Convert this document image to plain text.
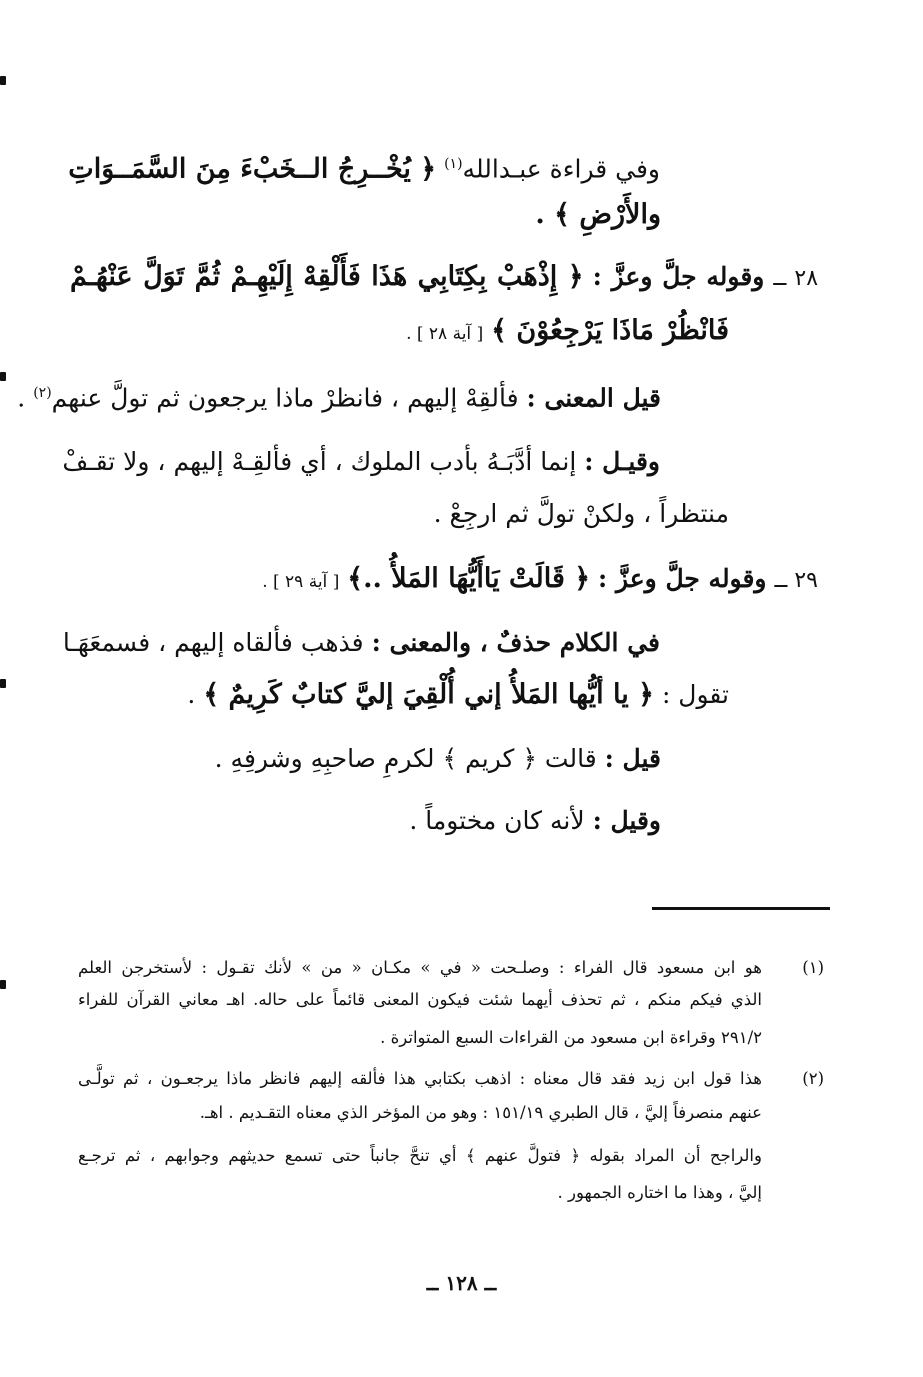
وفي قراءة عبـدالله$^{(١)}$ ﴿ يُخْــرِجُ الــخَبْءَ مِنَ السَّمَــوَاتِ
والأَرْضِ ﴾ .
٢٨ ــ وقوله جلَّ وعزَّ : ﴿ إِذْهَبْ بِكِتَابِي هَذَا فَأَلْقِهْ إِلَيْهِـمْ ثُمَّ تَوَلَّ عَنْهُـمْ
فَانْظُرْ مَاذَا يَرْجِعُوْنَ ﴾ [ آية ٢٨ ] .
قيل المعنى : فألقِهْ إليهم ، فانظرْ ماذا يرجعون ثم تولَّ عنهم$^{(٢)}$ .
وقيـل : إنما أدَّبَـهُ بأدب الملوك ، أي فألقِـهْ إليهم ، ولا تقـفْ
منتظراً ، ولكنْ تولَّ ثم ارجِعْ .
٢٩ ــ وقوله جلَّ وعزَّ : ﴿ قَالَتْ يَاأَيُّهَا المَلأُ ..﴾ [ آية ٢٩ ] .
في الكلام حذفٌ ، والمعنى : فذهب فألقاه إليهم ، فسمعَهَـا
تقول : ﴿ يا أيُّها المَلأُ إني أُلْقِيَ إليَّ كتابٌ كَرِيمٌ ﴾ .
قيل : قالت ﴿ كريم ﴾ لكرمِ صاحبِهِ وشرفِهِ .
وقيل : لأنه كان مختوماً .
(١)
هو ابن مسعود قال الفراء : وصلـحت « في » مكـان « من » لأنك تقـول : لأستخرجن العلم
الذي فيكم منكم ، ثم تحذف أيهما شئت فيكون المعنى قائماً على حاله. اهـ معاني القرآن للفراء
٢٩١/٢ وقراءة ابن مسعود من القراءات السبع المتواترة .
(٢)
هذا قول ابن زيد فقد قال معناه : اذهب بكتابي هذا فألقه إليهم فانظر ماذا يرجعـون ، ثم تولَّـى
عنهم منصرفاً إليَّ ، قال الطبري ١٥١/١٩ : وهو من المؤخر الذي معناه التقـديم . اهـ.
والراجح أن المراد بقوله ﴿ فتولَّ عنهم ﴾ أي تنحَّ جانباً حتى تسمع حديثهم وجوابهم ، ثم ترجـع
إليَّ ، وهذا ما اختاره الجمهور .
ــ ١٢٨ ــ
